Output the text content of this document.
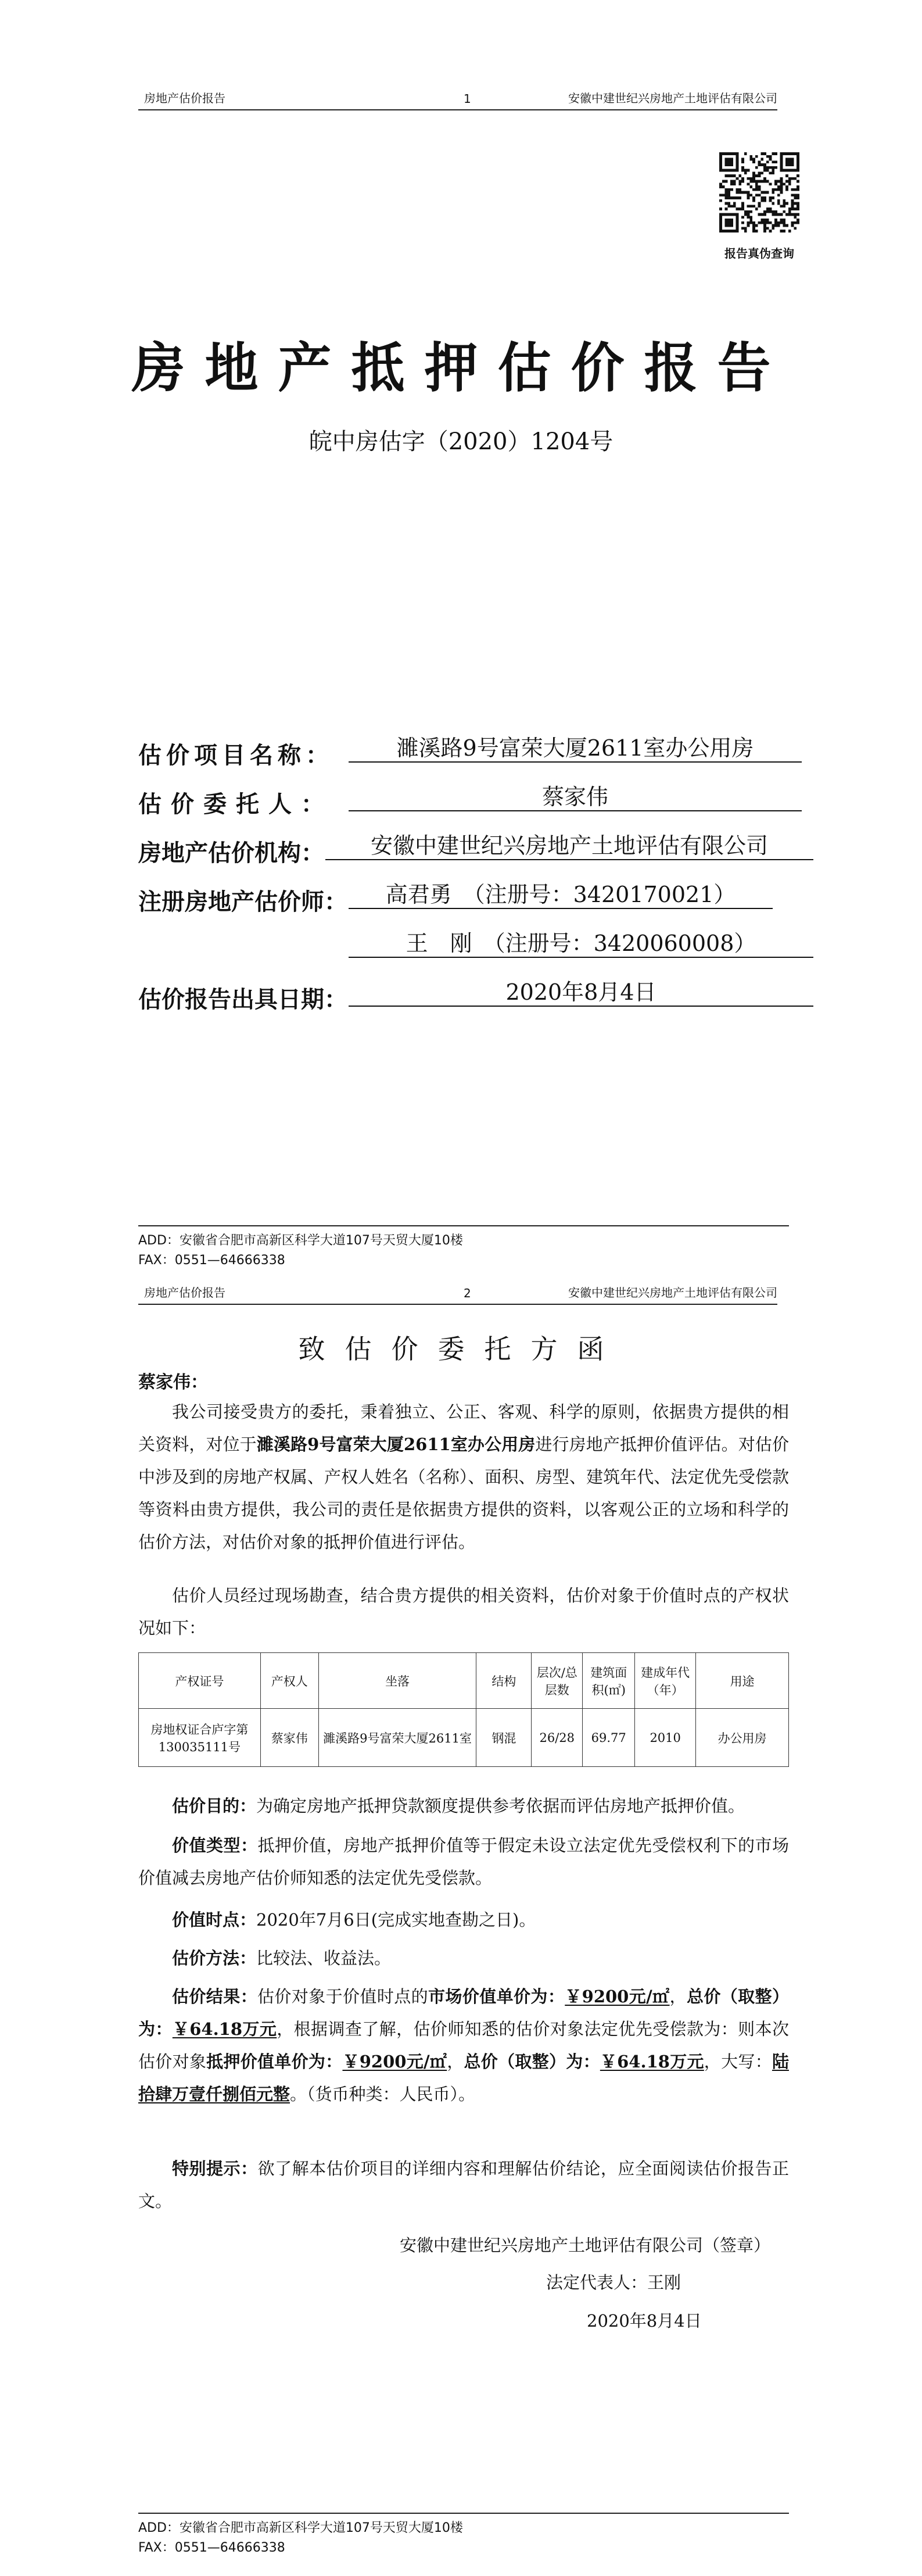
房地产估价报告	1	安徽中建世纪兴房地产土地评估有限公司
报告真伪查询
房地产抵押估价报告
皖中房估字（2020）1204号
估价项目名称：	濉溪路9号富荣大厦2611室办公用房
估价委托人：	蔡家伟
房地产估价机构：	安徽中建世纪兴房地产土地评估有限公司
注册房地产估价师：	高君勇　（注册号：3420170021）
王　刚　（注册号：3420060008）
估价报告出具日期：	2020年8月4日
ADD：安徽省合肥市高新区科学大道107号天贸大厦10楼
FAX：0551—64666338
房地产估价报告	2	安徽中建世纪兴房地产土地评估有限公司
致估价委托方函
蔡家伟：
我公司接受贵方的委托，秉着独立、公正、客观、科学的原则，依据贵方提供的相关资料，对位于濉溪路9号富荣大厦2611室办公用房进行房地产抵押价值评估。对估价中涉及到的房地产权属、产权人姓名（名称）、面积、房型、建筑年代、法定优先受偿款等资料由贵方提供，我公司的责任是依据贵方提供的资料，以客观公正的立场和科学的估价方法，对估价对象的抵押价值进行评估。
估价人员经过现场勘查，结合贵方提供的相关资料，估价对象于价值时点的产权状况如下：
产权证号	产权人	坐落	结构	层次/总层数	建筑面积(㎡)	建成年代（年）	用途
房地权证合庐字第130035111号	蔡家伟	濉溪路9号富荣大厦2611室	钢混	26/28	69.77	2010	办公用房
估价目的：为确定房地产抵押贷款额度提供参考依据而评估房地产抵押价值。
价值类型：抵押价值，房地产抵押价值等于假定未设立法定优先受偿权利下的市场价值减去房地产估价师知悉的法定优先受偿款。
价值时点：2020年7月6日(完成实地查勘之日)。
估价方法：比较法、收益法。
估价结果：估价对象于价值时点的市场价值单价为：￥9200元/㎡，总价（取整）为：￥64.18万元，根据调查了解，估价师知悉的估价对象法定优先受偿款为：则本次估价对象抵押价值单价为：￥9200元/㎡，总价（取整）为：￥64.18万元，大写：陆拾肆万壹仟捌佰元整。（货币种类：人民币）。
特别提示：欲了解本估价项目的详细内容和理解估价结论，应全面阅读估价报告正文。
安徽中建世纪兴房地产土地评估有限公司（签章）
法定代表人：王刚
2020年8月4日
ADD：安徽省合肥市高新区科学大道107号天贸大厦10楼
FAX：0551—64666338
